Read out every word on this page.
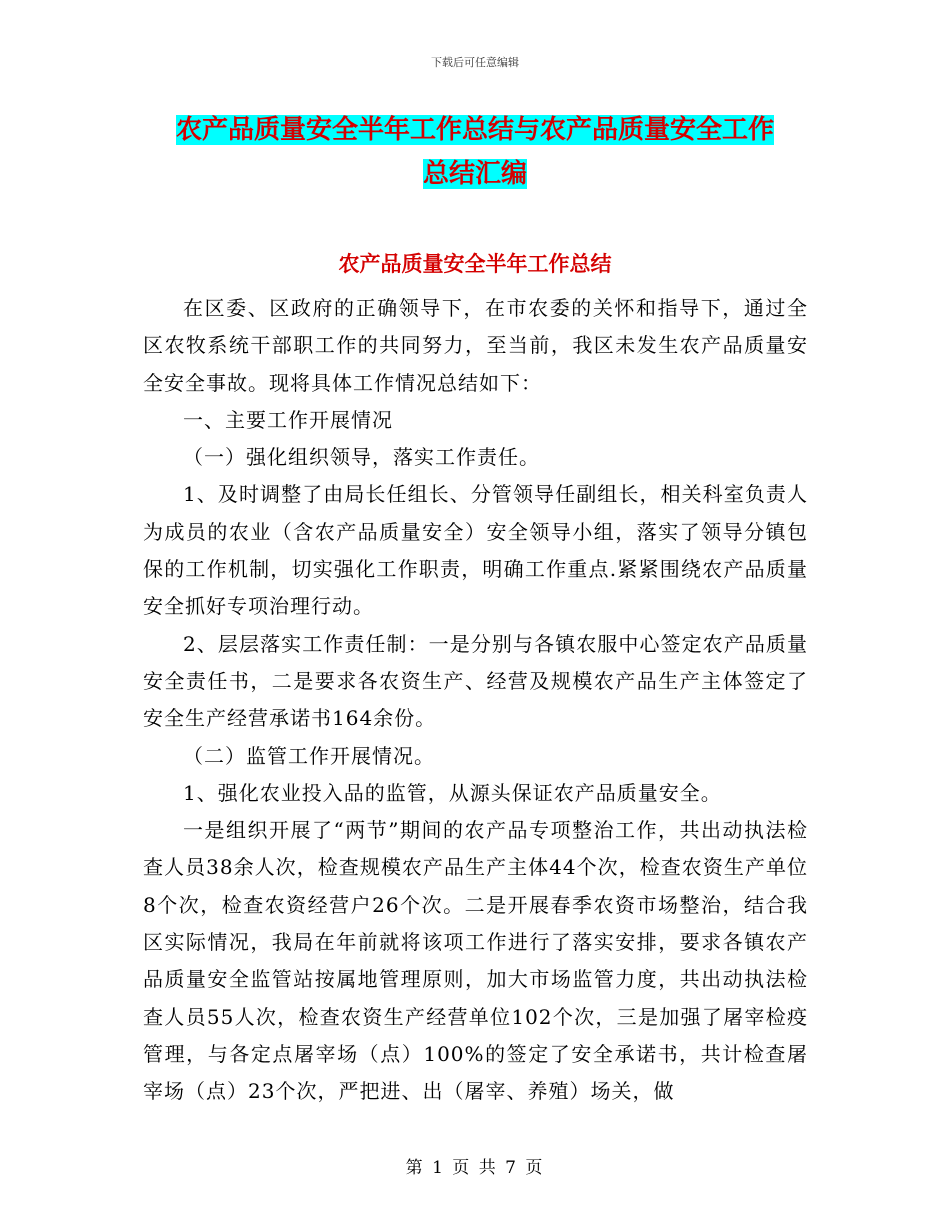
下载后可任意编辑
农产品质量安全半年工作总结与农产品质量安全工作
总结汇编
农产品质量安全半年工作总结

在区委、区政府的正确领导下，在市农委的关怀和指导下，通过全区农牧系统干部职工作的共同努力，至当前，我区未发生农产品质量安全安全事故。现将具体工作情况总结如下：

一、主要工作开展情况

（一）强化组织领导，落实工作责任。

1、及时调整了由局长任组长、分管领导任副组长，相关科室负责人为成员的农业（含农产品质量安全）安全领导小组，落实了领导分镇包保的工作机制，切实强化工作职责，明确工作重点.紧紧围绕农产品质量安全抓好专项治理行动。

2、层层落实工作责任制：一是分别与各镇农服中心签定农产品质量安全责任书，二是要求各农资生产、经营及规模农产品生产主体签定了安全生产经营承诺书164余份。

（二）监管工作开展情况。

1、强化农业投入品的监管，从源头保证农产品质量安全。

一是组织开展了“两节”期间的农产品专项整治工作，共出动执法检查人员38余人次，检查规模农产品生产主体44个次，检查农资生产单位8个次，检查农资经营户26个次。二是开展春季农资市场整治，结合我区实际情况，我局在年前就将该项工作进行了落实安排，要求各镇农产品质量安全监管站按属地管理原则，加大市场监管力度，共出动执法检查人员55人次，检查农资生产经营单位102个次，三是加强了屠宰检疫管理，与各定点屠宰场（点）100%的签定了安全承诺书，共计检查屠宰场（点）23个次，严把进、出（屠宰、养殖）场关，做

第 1 页 共 7 页
